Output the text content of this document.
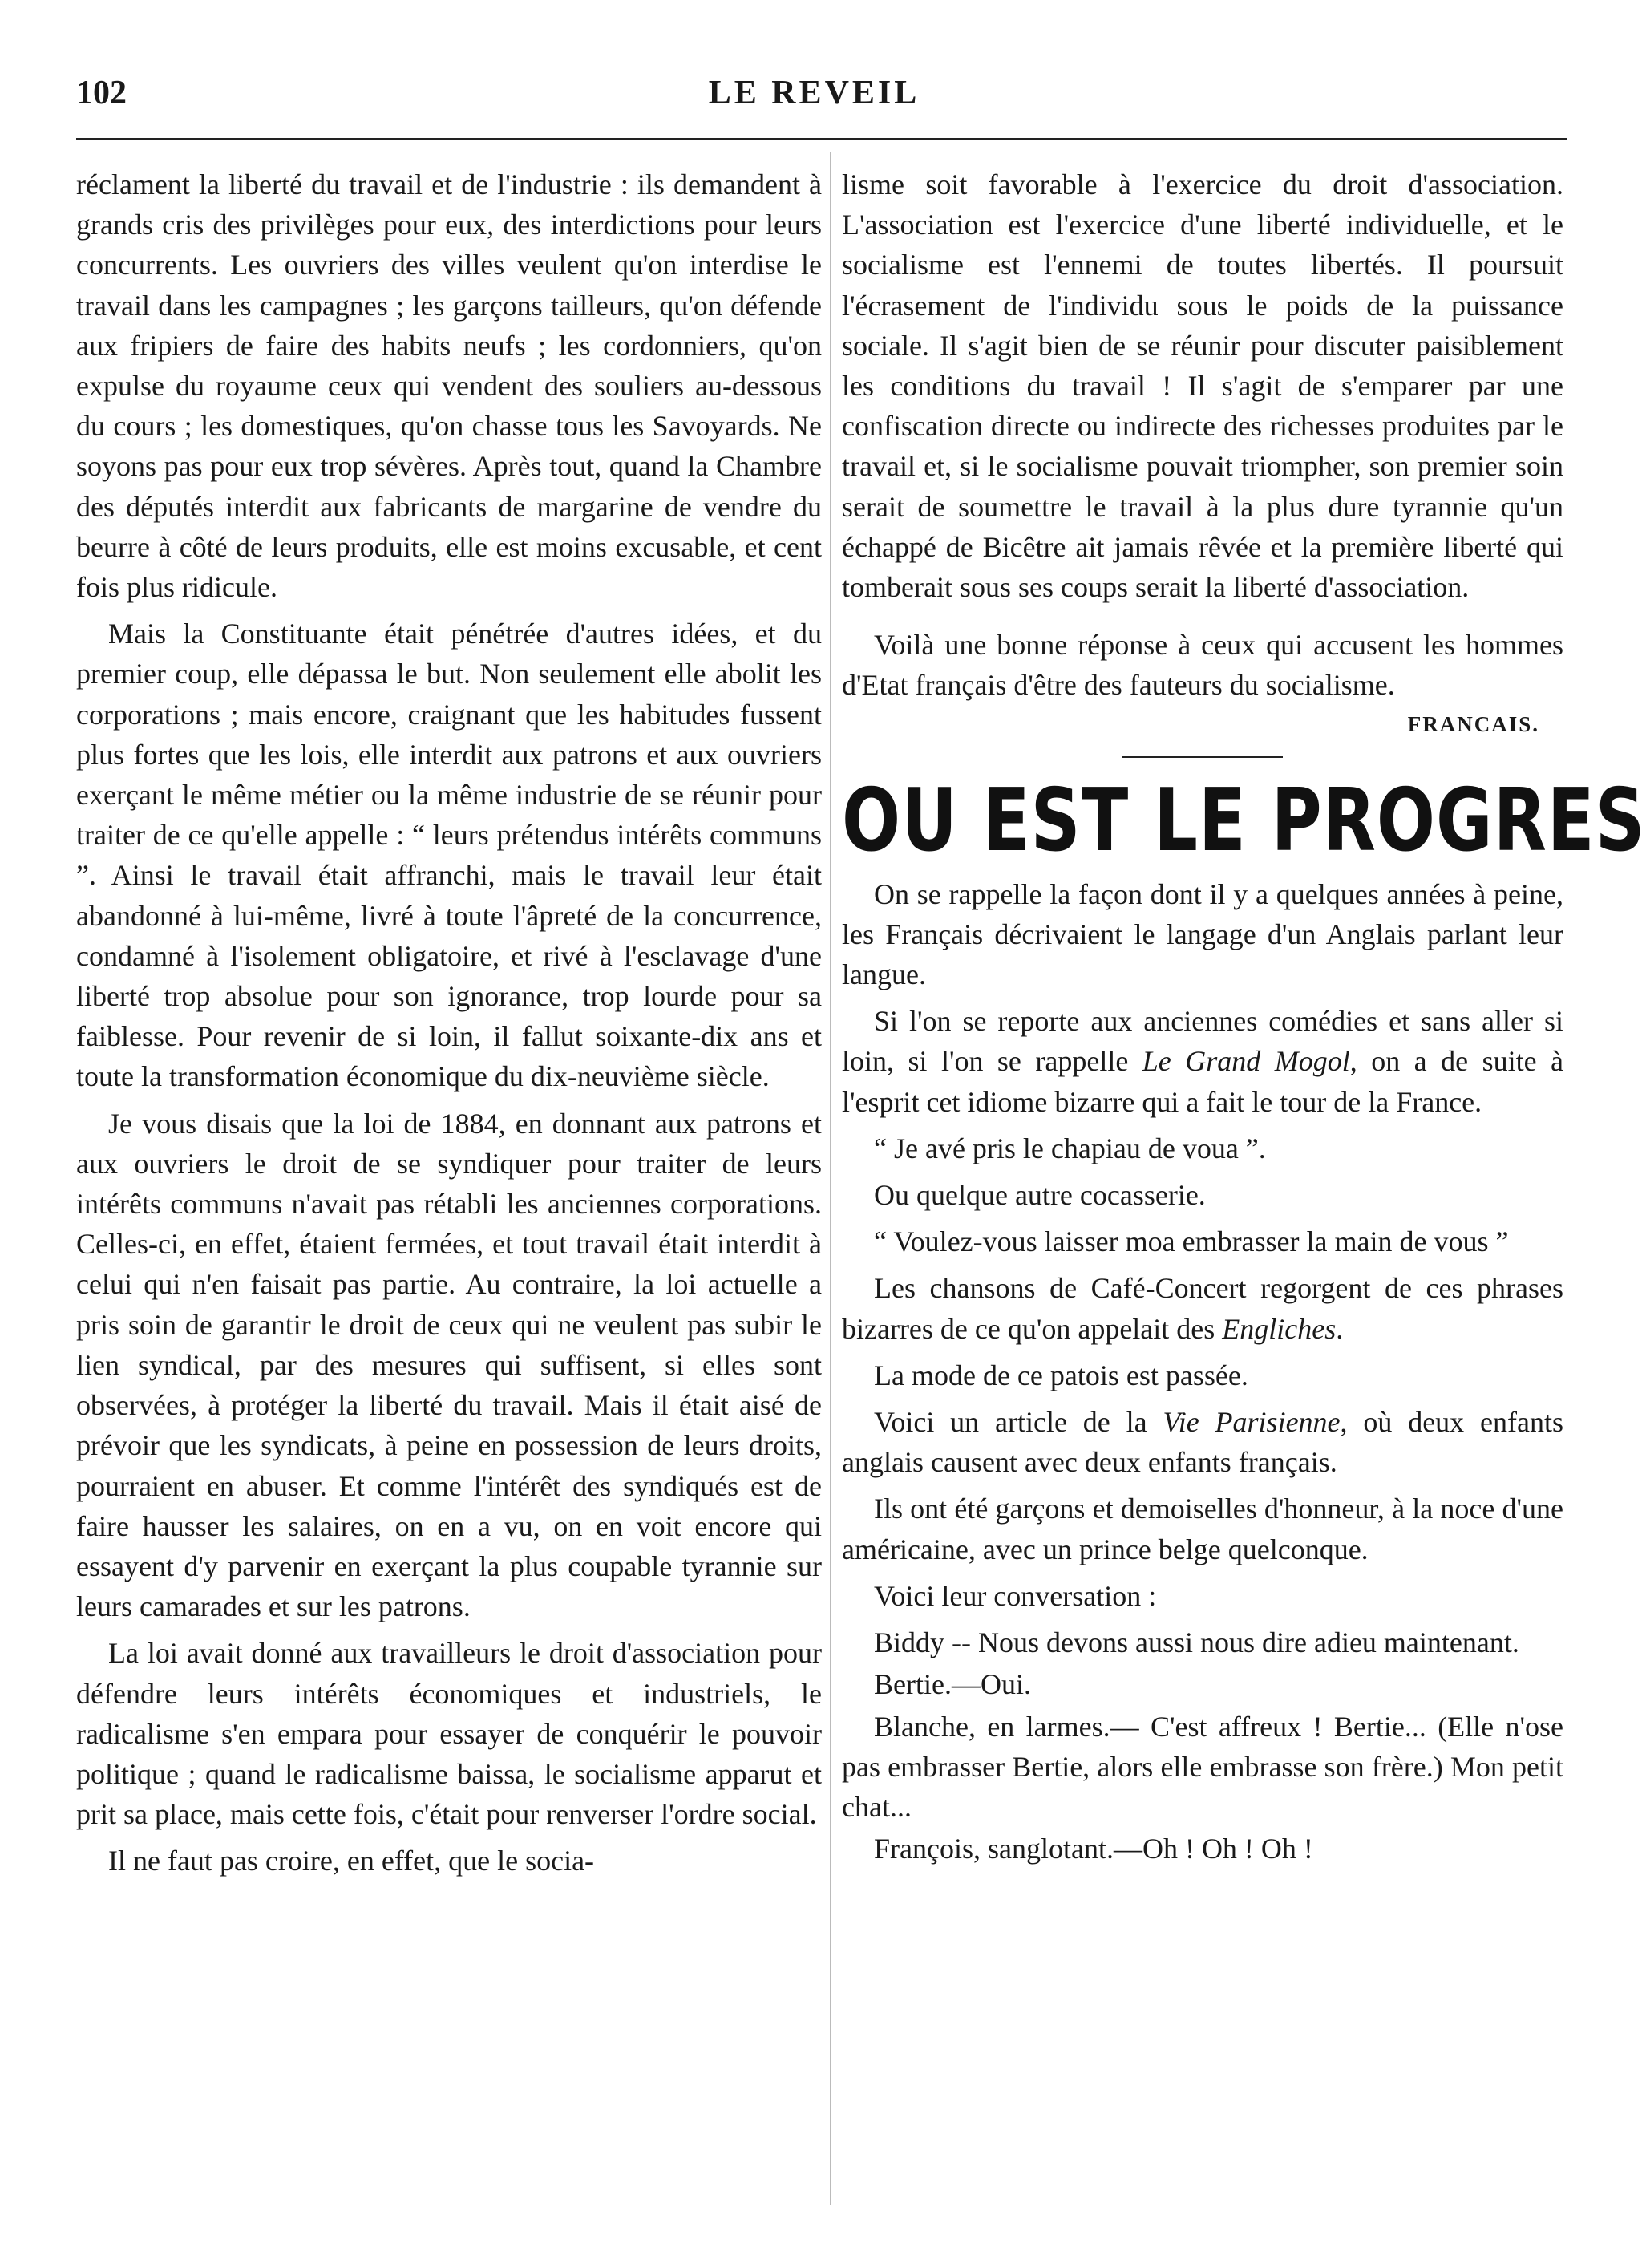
102	LE REVEIL

réclament la liberté du travail et de l'industrie : ils demandent à grands cris des privilèges pour eux, des interdictions pour leurs concurrents. Les ouvriers des villes veulent qu'on interdise le travail dans les campagnes ; les garçons tailleurs, qu'on défende aux fripiers de faire des habits neufs ; les cordonniers, qu'on expulse du royaume ceux qui vendent des souliers au-dessous du cours ; les domestiques, qu'on chasse tous les Savoyards. Ne soyons pas pour eux trop sévères. Après tout, quand la Chambre des députés interdit aux fabricants de margarine de vendre du beurre à côté de leurs produits, elle est moins excusable, et cent fois plus ridicule.

Mais la Constituante était pénétrée d'autres idées, et du premier coup, elle dépassa le but. Non seulement elle abolit les corporations ; mais encore, craignant que les habitudes fussent plus fortes que les lois, elle interdit aux patrons et aux ouvriers exerçant le même métier ou la même industrie de se réunir pour traiter de ce qu'elle appelle : “ leurs prétendus intérêts communs ”. Ainsi le travail était affranchi, mais le travail leur était abandonné à lui-même, livré à toute l'âpreté de la concurrence, condamné à l'isolement obligatoire, et rivé à l'esclavage d'une liberté trop absolue pour son ignorance, trop lourde pour sa faiblesse. Pour revenir de si loin, il fallut soixante-dix ans et toute la transformation économique du dix-neuvième siècle.

Je vous disais que la loi de 1884, en donnant aux patrons et aux ouvriers le droit de se syndiquer pour traiter de leurs intérêts communs n'avait pas rétabli les anciennes corporations. Celles-ci, en effet, étaient fermées, et tout travail était interdit à celui qui n'en faisait pas partie. Au contraire, la loi actuelle a pris soin de garantir le droit de ceux qui ne veulent pas subir le lien syndical, par des mesures qui suffisent, si elles sont observées, à protéger la liberté du travail. Mais il était aisé de prévoir que les syndicats, à peine en possession de leurs droits, pourraient en abuser. Et comme l'intérêt des syndiqués est de faire hausser les salaires, on en a vu, on en voit encore qui essayent d'y parvenir en exerçant la plus coupable tyrannie sur leurs camarades et sur les patrons.

La loi avait donné aux travailleurs le droit d'association pour défendre leurs intérêts économiques et industriels, le radicalisme s'en empara pour essayer de conquérir le pouvoir politique ; quand le radicalisme baissa, le socialisme apparut et prit sa place, mais cette fois, c'était pour renverser l'ordre social.

Il ne faut pas croire, en effet, que le socia-

lisme soit favorable à l'exercice du droit d'association. L'association est l'exercice d'une liberté individuelle, et le socialisme est l'ennemi de toutes libertés. Il poursuit l'écrasement de l'individu sous le poids de la puissance sociale. Il s'agit bien de se réunir pour discuter paisiblement les conditions du travail ! Il s'agit de s'emparer par une confiscation directe ou indirecte des richesses produites par le travail et, si le socialisme pouvait triompher, son premier soin serait de soumettre le travail à la plus dure tyrannie qu'un échappé de Bicêtre ait jamais rêvée et la première liberté qui tomberait sous ses coups serait la liberté d'association.

Voilà une bonne réponse à ceux qui accusent les hommes d'Etat français d'être des fauteurs du socialisme.

FRANCAIS.
OU EST LE PROGRES

On se rappelle la façon dont il y a quelques années à peine, les Français décrivaient le langage d'un Anglais parlant leur langue.

Si l'on se reporte aux anciennes comédies et sans aller si loin, si l'on se rappelle Le Grand Mogol, on a de suite à l'esprit cet idiome bizarre qui a fait le tour de la France.

“ Je avé pris le chapiau de voua ”.

Ou quelque autre cocasserie.

“ Voulez-vous laisser moa embrasser la main de vous ”

Les chansons de Café-Concert regorgent de ces phrases bizarres de ce qu'on appelait des Engliches.

La mode de ce patois est passée.

Voici un article de la Vie Parisienne, où deux enfants anglais causent avec deux enfants français.

Ils ont été garçons et demoiselles d'honneur, à la noce d'une américaine, avec un prince belge quelconque.

Voici leur conversation :

Biddy -- Nous devons aussi nous dire adieu maintenant.

Bertie.—Oui.

Blanche, en larmes.— C'est affreux ! Bertie... (Elle n'ose pas embrasser Bertie, alors elle embrasse son frère.) Mon petit chat...

François, sanglotant.—Oh ! Oh ! Oh !
